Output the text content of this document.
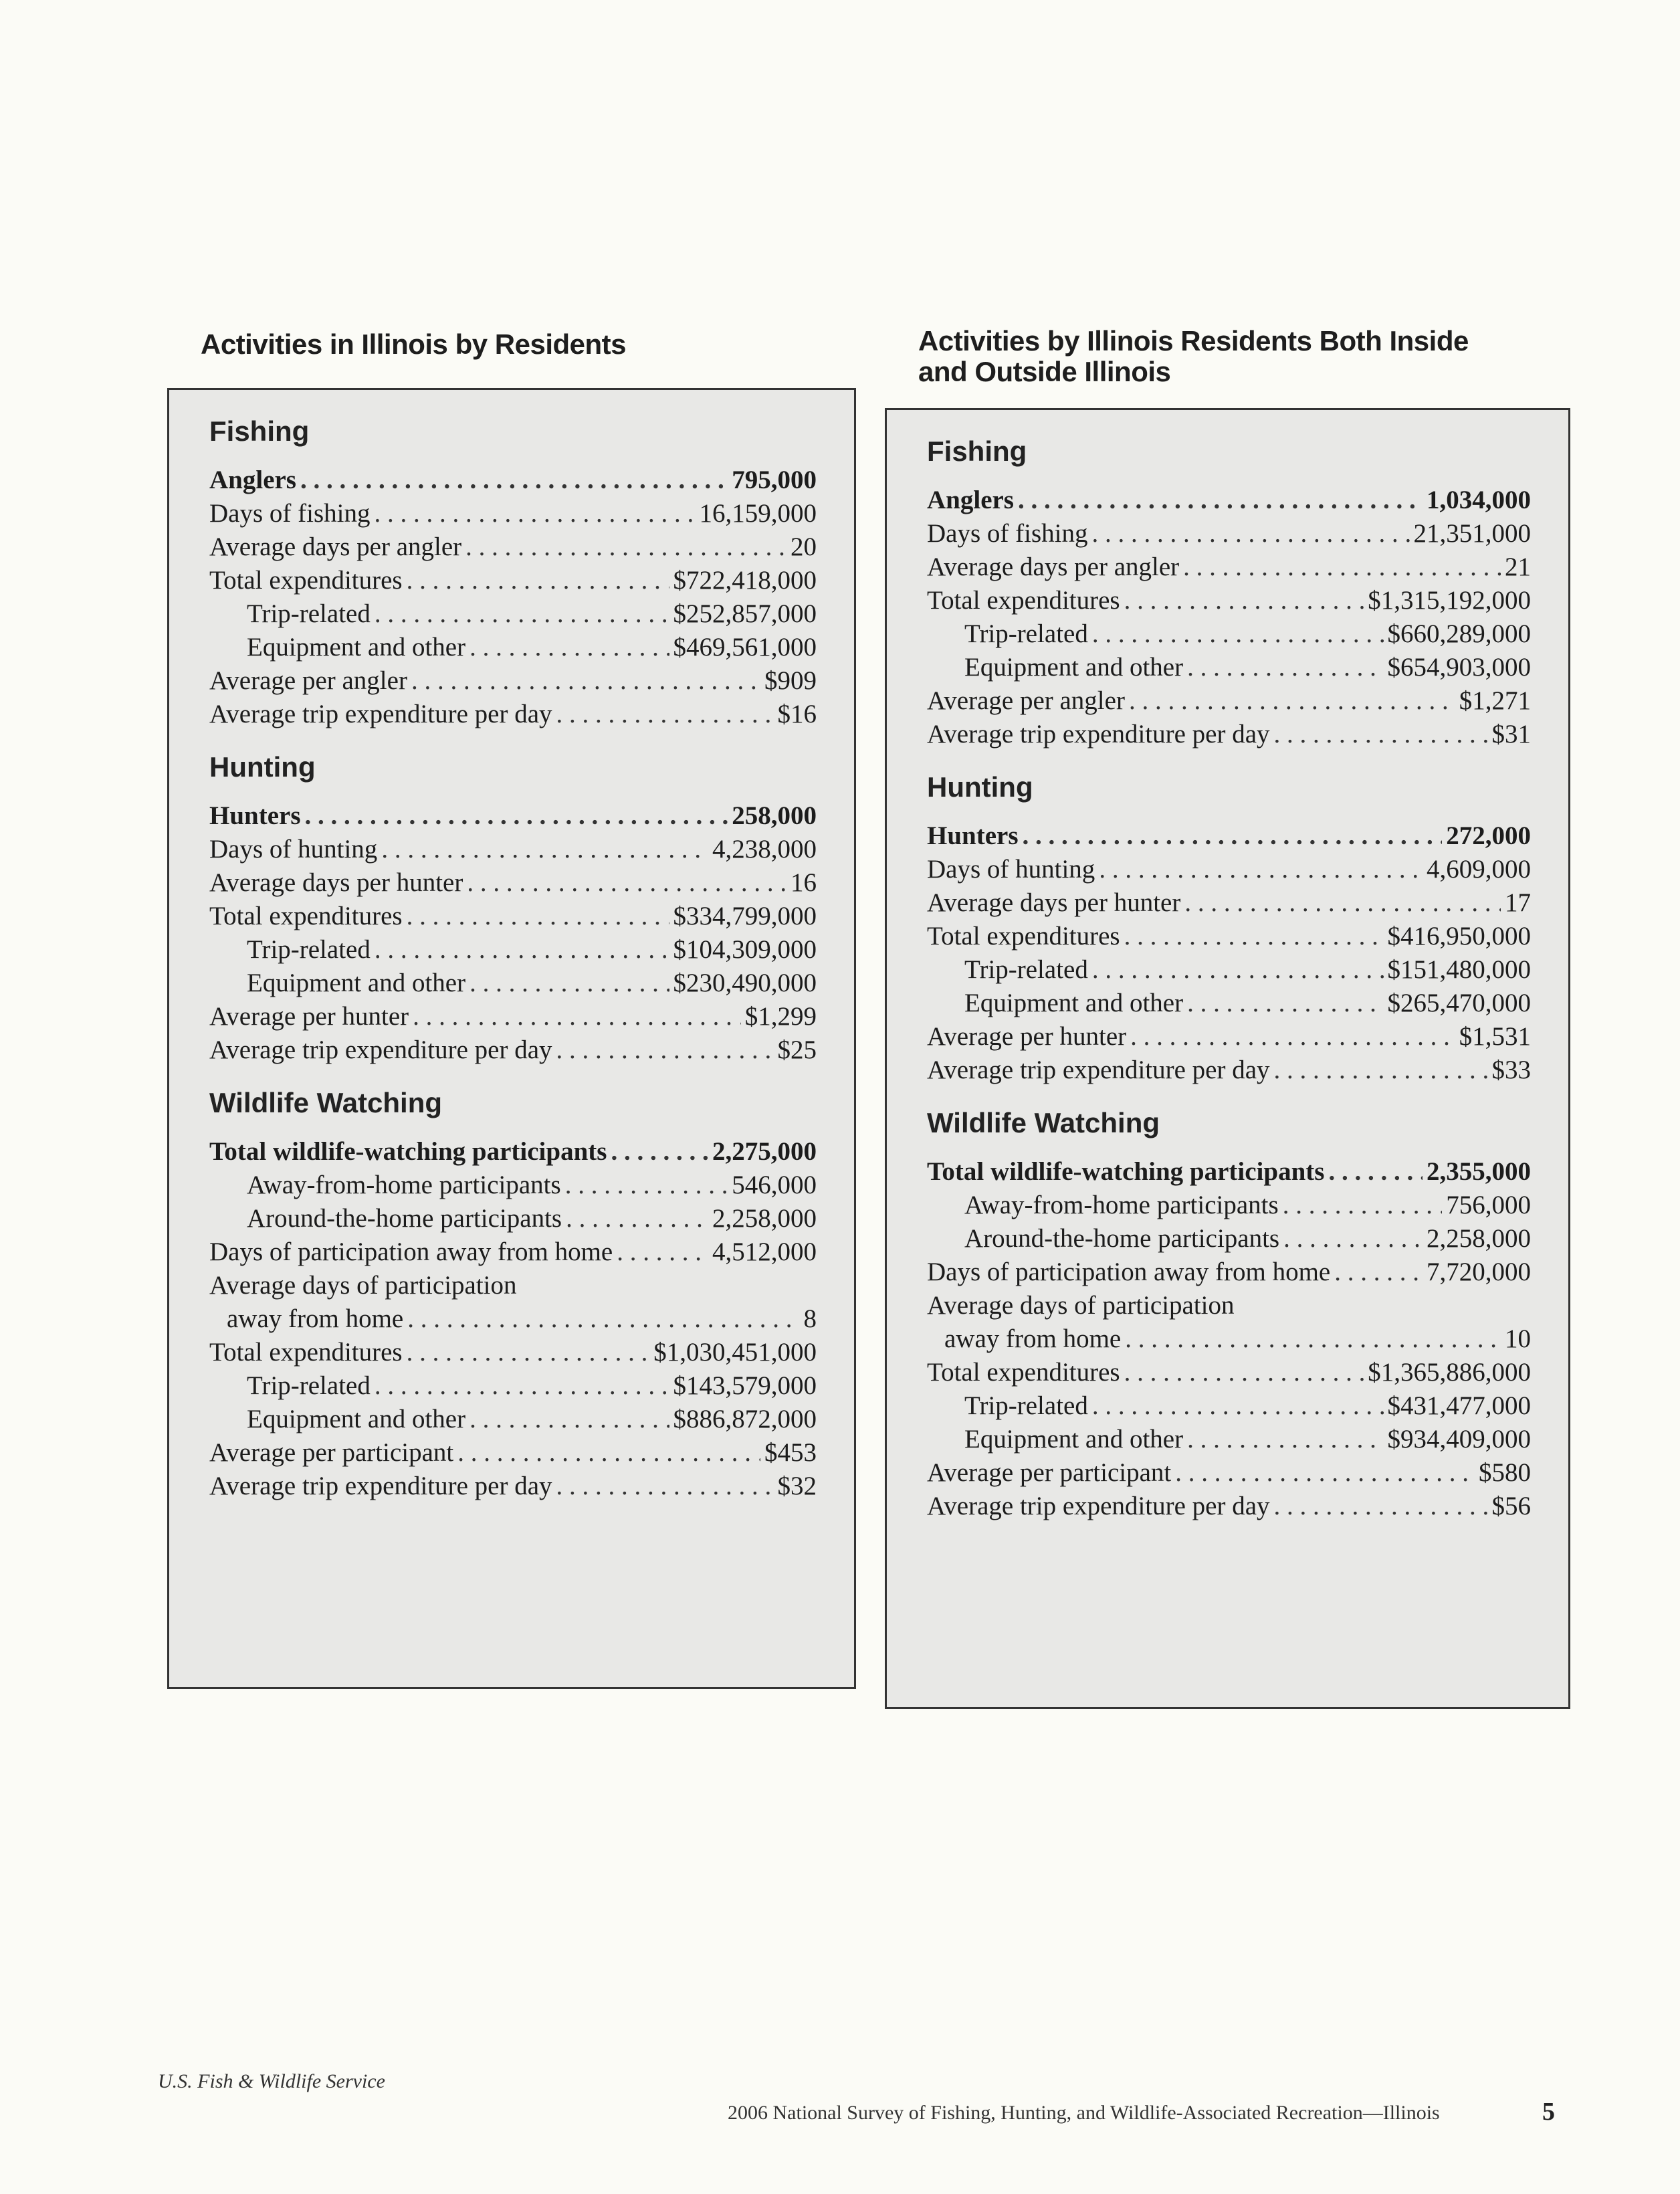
Activities in Illinois by Residents
Fishing
Anglers . . .	795,000
Days of fishing . . .	16,159,000
Average days per angler . . .	20
Total expenditures . . .	$722,418,000
Trip-related . . .	$252,857,000
Equipment and other . . .	$469,561,000
Average per angler . . .	$909
Average trip expenditure per day . . .	$16
Hunting
Hunters . . .	258,000
Days of hunting . . .	4,238,000
Average days per hunter . . .	16
Total expenditures . . .	$334,799,000
Trip-related . . .	$104,309,000
Equipment and other . . .	$230,490,000
Average per hunter . . .	$1,299
Average trip expenditure per day . . .	$25
Wildlife Watching
Total wildlife-watching participants . . .	2,275,000
Away-from-home participants . . .	546,000
Around-the-home participants . . .	2,258,000
Days of participation away from home . . .	4,512,000
Average days of participation
away from home . . .	8
Total expenditures . . .	$1,030,451,000
Trip-related . . .	$143,579,000
Equipment and other . . .	$886,872,000
Average per participant . . .	$453
Average trip expenditure per day . . .	$32
Activities by Illinois Residents Both Inside
and Outside Illinois
Fishing
Anglers . . .	1,034,000
Days of fishing . . .	21,351,000
Average days per angler . . .	21
Total expenditures . . .	$1,315,192,000
Trip-related . . .	$660,289,000
Equipment and other . . .	$654,903,000
Average per angler . . .	$1,271
Average trip expenditure per day . . .	$31
Hunting
Hunters . . .	272,000
Days of hunting . . .	4,609,000
Average days per hunter . . .	17
Total expenditures . . .	$416,950,000
Trip-related . . .	$151,480,000
Equipment and other . . .	$265,470,000
Average per hunter . . .	$1,531
Average trip expenditure per day . . .	$33
Wildlife Watching
Total wildlife-watching participants . . .	2,355,000
Away-from-home participants . . .	756,000
Around-the-home participants . . .	2,258,000
Days of participation away from home . . .	7,720,000
Average days of participation
away from home . . .	10
Total expenditures . . .	$1,365,886,000
Trip-related . . .	$431,477,000
Equipment and other . . .	$934,409,000
Average per participant . . .	$580
Average trip expenditure per day . . .	$56
U.S. Fish & Wildlife Service
2006 National Survey of Fishing, Hunting, and Wildlife-Associated Recreation—Illinois	5
